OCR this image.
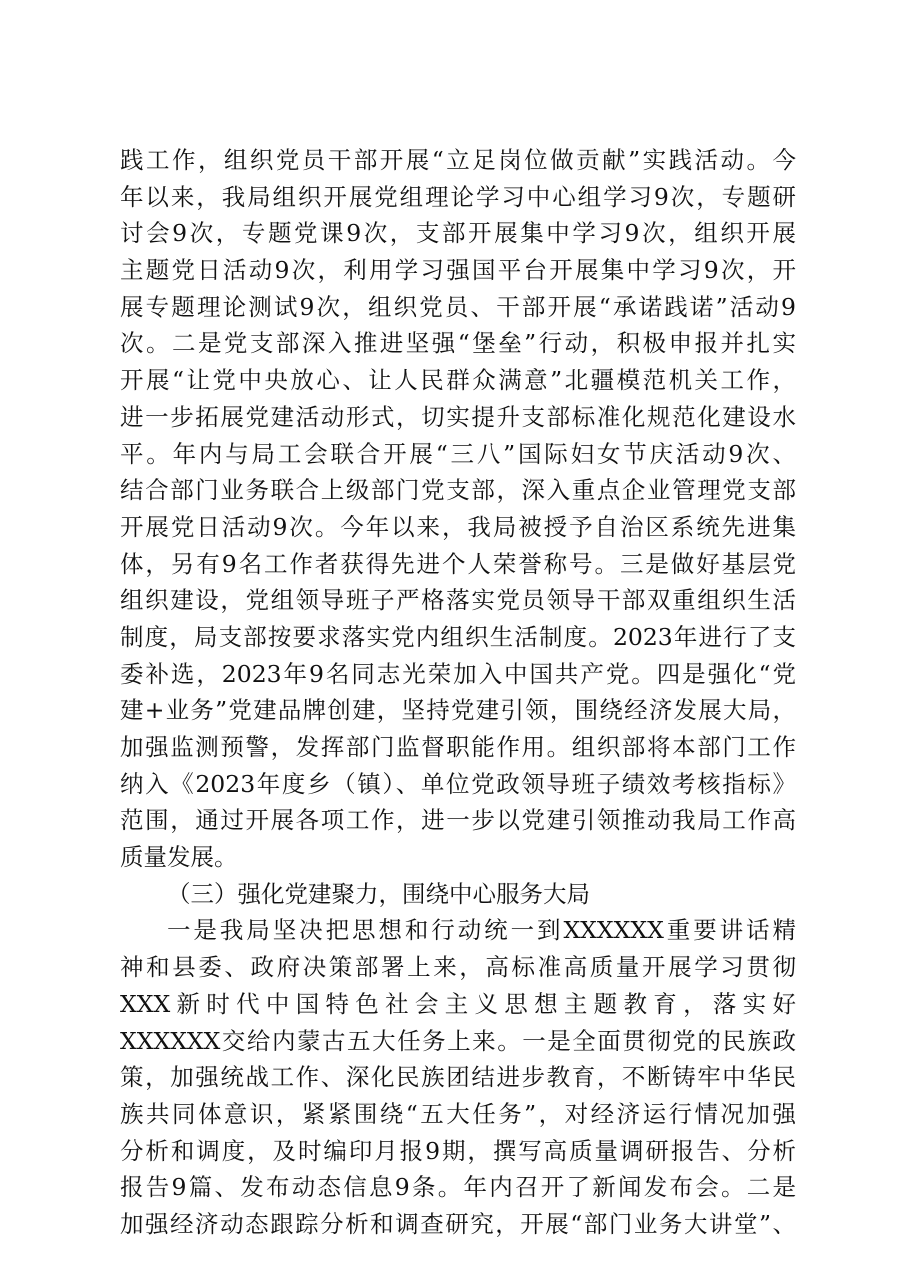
践工作，组织党员干部开展“立足岗位做贡献”实践活动。今
年以来，我局组织开展党组理论学习中心组学习9次，专题研
讨会9次，专题党课9次，支部开展集中学习9次，组织开展
主题党日活动9次，利用学习强国平台开展集中学习9次，开
展专题理论测试9次，组织党员、干部开展“承诺践诺”活动9
次。二是党支部深入推进坚强“堡垒”行动，积极申报并扎实
开展“让党中央放心、让人民群众满意”北疆模范机关工作，
进一步拓展党建活动形式，切实提升支部标准化规范化建设水
平。年内与局工会联合开展“三八”国际妇女节庆活动9次、
结合部门业务联合上级部门党支部，深入重点企业管理党支部
开展党日活动9次。今年以来，我局被授予自治区系统先进集
体，另有9名工作者获得先进个人荣誉称号。三是做好基层党
组织建设，党组领导班子严格落实党员领导干部双重组织生活
制度，局支部按要求落实党内组织生活制度。2023年进行了支
委补选，2023年9名同志光荣加入中国共产党。四是强化“党
建+业务”党建品牌创建，坚持党建引领，围绕经济发展大局，
加强监测预警，发挥部门监督职能作用。组织部将本部门工作
纳入《2023年度乡（镇）、单位党政领导班子绩效考核指标》
范围，通过开展各项工作，进一步以党建引领推动我局工作高
质量发展。
（三）强化党建聚力，围绕中心服务大局
一是我局坚决把思想和行动统一到XXXXXX重要讲话精
神和县委、政府决策部署上来，高标准高质量开展学习贯彻
XXX新时代中国特色社会主义思想主题教育，落实好
XXXXXX交给内蒙古五大任务上来。一是全面贯彻党的民族政
策，加强统战工作、深化民族团结进步教育，不断铸牢中华民
族共同体意识，紧紧围绕“五大任务”，对经济运行情况加强
分析和调度，及时编印月报9期，撰写高质量调研报告、分析
报告9篇、发布动态信息9条。年内召开了新闻发布会。二是
加强经济动态跟踪分析和调查研究，开展“部门业务大讲堂”、
